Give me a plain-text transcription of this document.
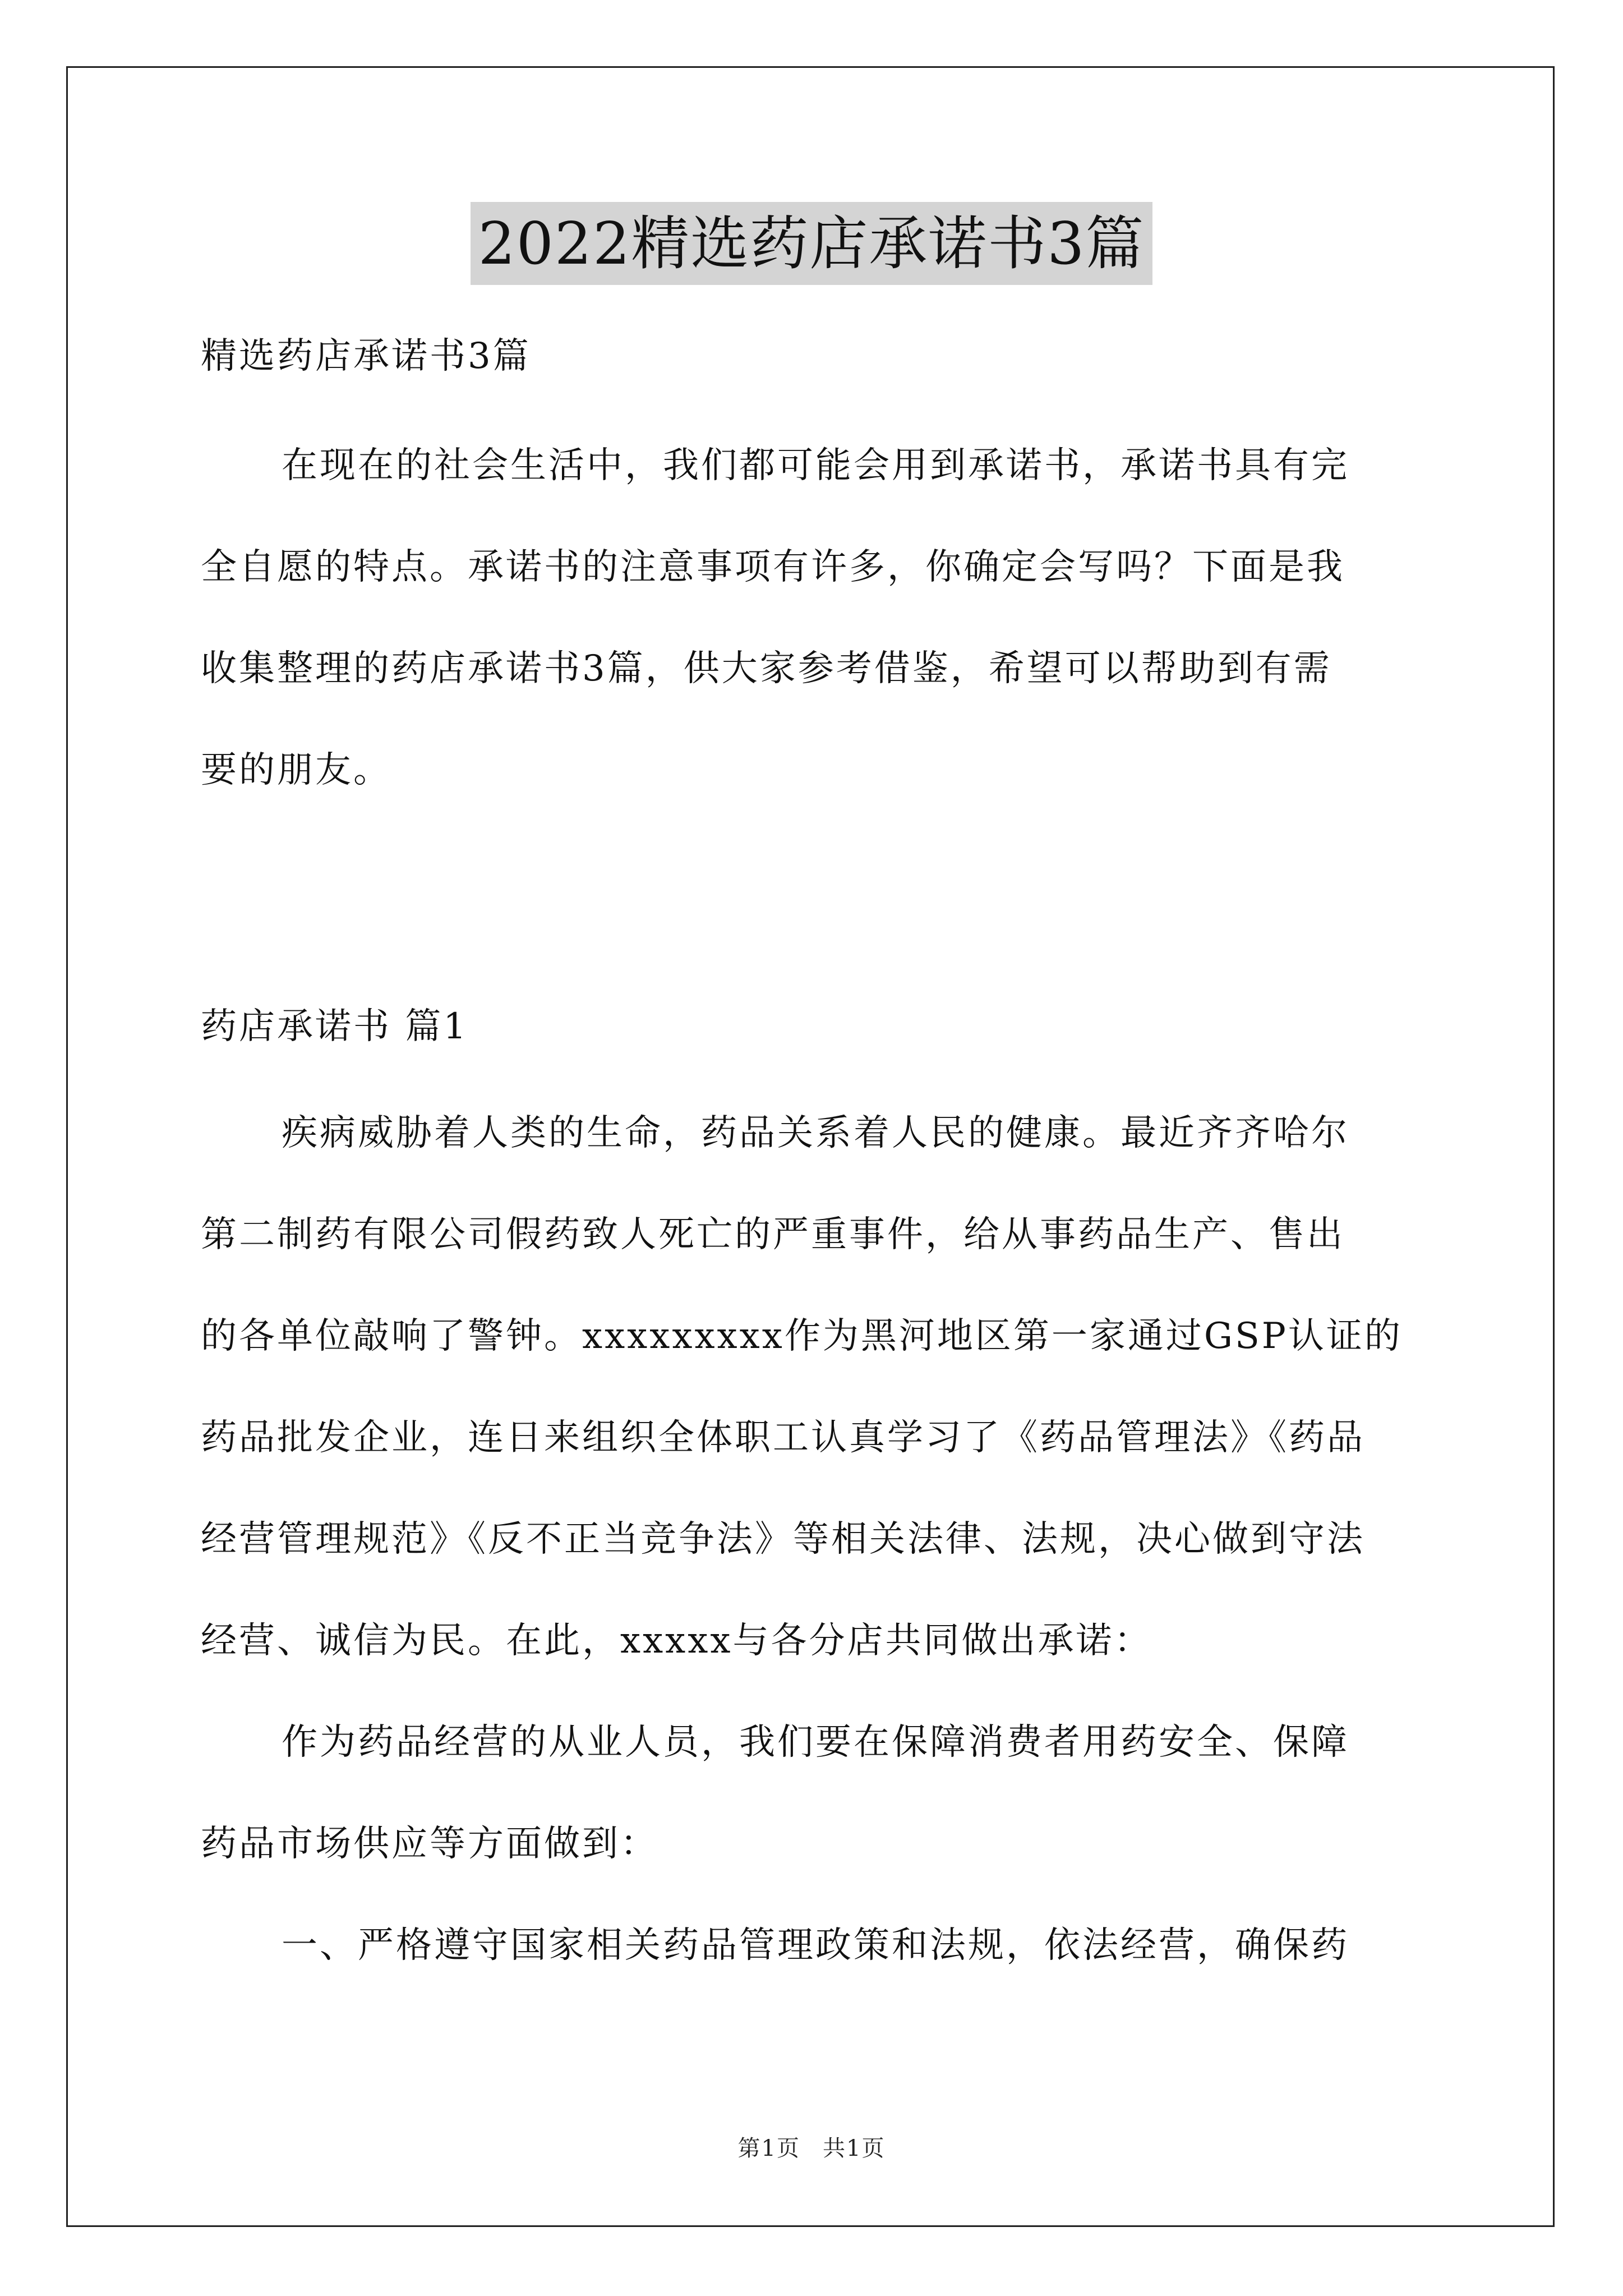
2022精选药店承诺书3篇
精选药店承诺书3篇
在现在的社会生活中，我们都可能会用到承诺书，承诺书具有完
全自愿的特点。承诺书的注意事项有许多，你确定会写吗？下面是我
收集整理的药店承诺书3篇，供大家参考借鉴，希望可以帮助到有需
要的朋友。
药店承诺书 篇1
疾病威胁着人类的生命，药品关系着人民的健康。最近齐齐哈尔
第二制药有限公司假药致人死亡的严重事件，给从事药品生产、售出
的各单位敲响了警钟。xxxxxxxxx作为黑河地区第一家通过GSP认证的
药品批发企业，连日来组织全体职工认真学习了《药品管理法》《药品
经营管理规范》《反不正当竞争法》等相关法律、法规，决心做到守法
经营、诚信为民。在此，xxxxx与各分店共同做出承诺：
作为药品经营的从业人员，我们要在保障消费者用药安全、保障
药品市场供应等方面做到：
一、严格遵守国家相关药品管理政策和法规，依法经营，确保药
第1页 共1页
